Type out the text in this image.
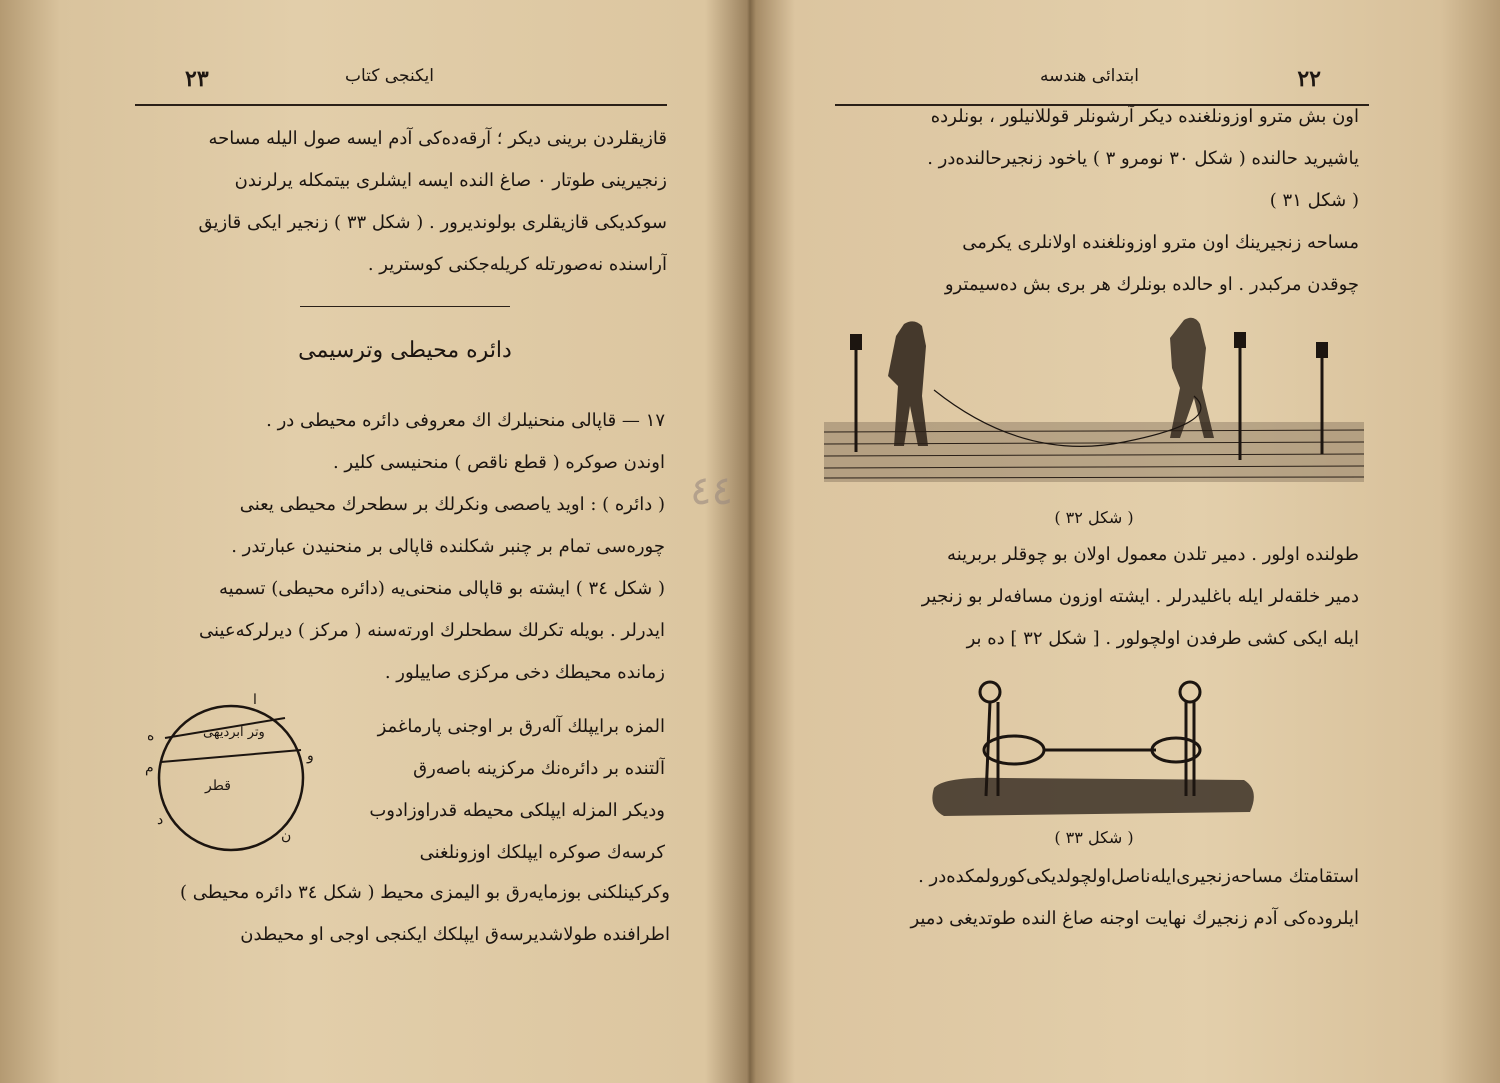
٢٣	ایكنجی كتاب
قازیقلردن برینی دیكر ؛ آرقه‌ده‌كی آدم ایسه صول الیله مساحه
زنجیرینی طوتار ٠ صاغ النده ایسه ایشلری بیتمكله یرلرندن
سوكدیكی قازیقلری بولوندیرور . ( شكل ٣٣ ) زنجیر ایكی قازیق
آراسنده نه‌صورتله كریله‌جكنی كوستریر .
دائره محیطی وترسیمی
١٧ — قاپالی منحنیلرك اك معروفی دائره محیطی در .
اوندن صوكره ( قطع ناقص ) منحنیسی كلیر .
( دائره ) : اوید یاصصی ونكرلك بر سطحرك محیطی یعنی
چوره‌سی تمام بر چنبر شكلنده قاپالی بر منحنیدن عبارتدر .
( شكل ٣٤ ) ایشته بو قاپالی منحنی‌یه (دائره محیطی) تسمیه
ایدرلر . بویله تكرلك سطحلرك اورته‌سنه ( مركز ) دیرلركه‌عینی
زمانده محیطك دخی مركزی صاییلور .
المزه برایپلك آله‌رق بر اوجنی پارماغمز
آلتنده بر دائره‌نك مركزینه باصه‌رق
ودیكر المزله ایپلكی محیطه قدراوزادوب
كرسه‌ك صوكره ایپلكك اوزونلغنی
وتر ابردیهی
قطر
ه
ا
م
و
د
ن
وكركینلكنی بوزمایه‌رق بو الیمزی محیط ( شكل ٣٤ دائره محیطی )
اطرافنده طولاشدیرسه‌ق ایپلكك ایكنجی اوجی او محیطدن
٤٤
ابتدائی هندسه	٢٢
اون بش مترو اوزونلغنده دیكر آرشونلر قوللانیلور ، بونلرده
یاشیرید حالنده ( شكل ٣٠ نومرو ٣ ) یاخود زنجیرحالنده‌در .
( شكل ٣١ )
مساحه زنجیرینك اون مترو اوزونلغنده اولانلری یكرمی
چوقدن مركبدر . او حالده بونلرك هر بری بش ده‌سیمترو
( شكل ٣٢ )
طولنده اولور . دمیر تلدن معمول اولان بو چوقلر بربرینه
دمیر خلقه‌لر ایله باغلیدرلر . ایشته اوزون مسافه‌لر بو زنجیر
ایله ایكی كشی طرفدن اولچولور . [ شكل ٣٢ ] ده بر
( شكل ٣٣ )
استقامتك مساحه‌زنجیری‌ایله‌ناصل‌اولچولدیكی‌كورولمكده‌در .
ایلروده‌كی آدم زنجیرك نهایت اوجنه صاغ النده طوتدیغی دمیر
